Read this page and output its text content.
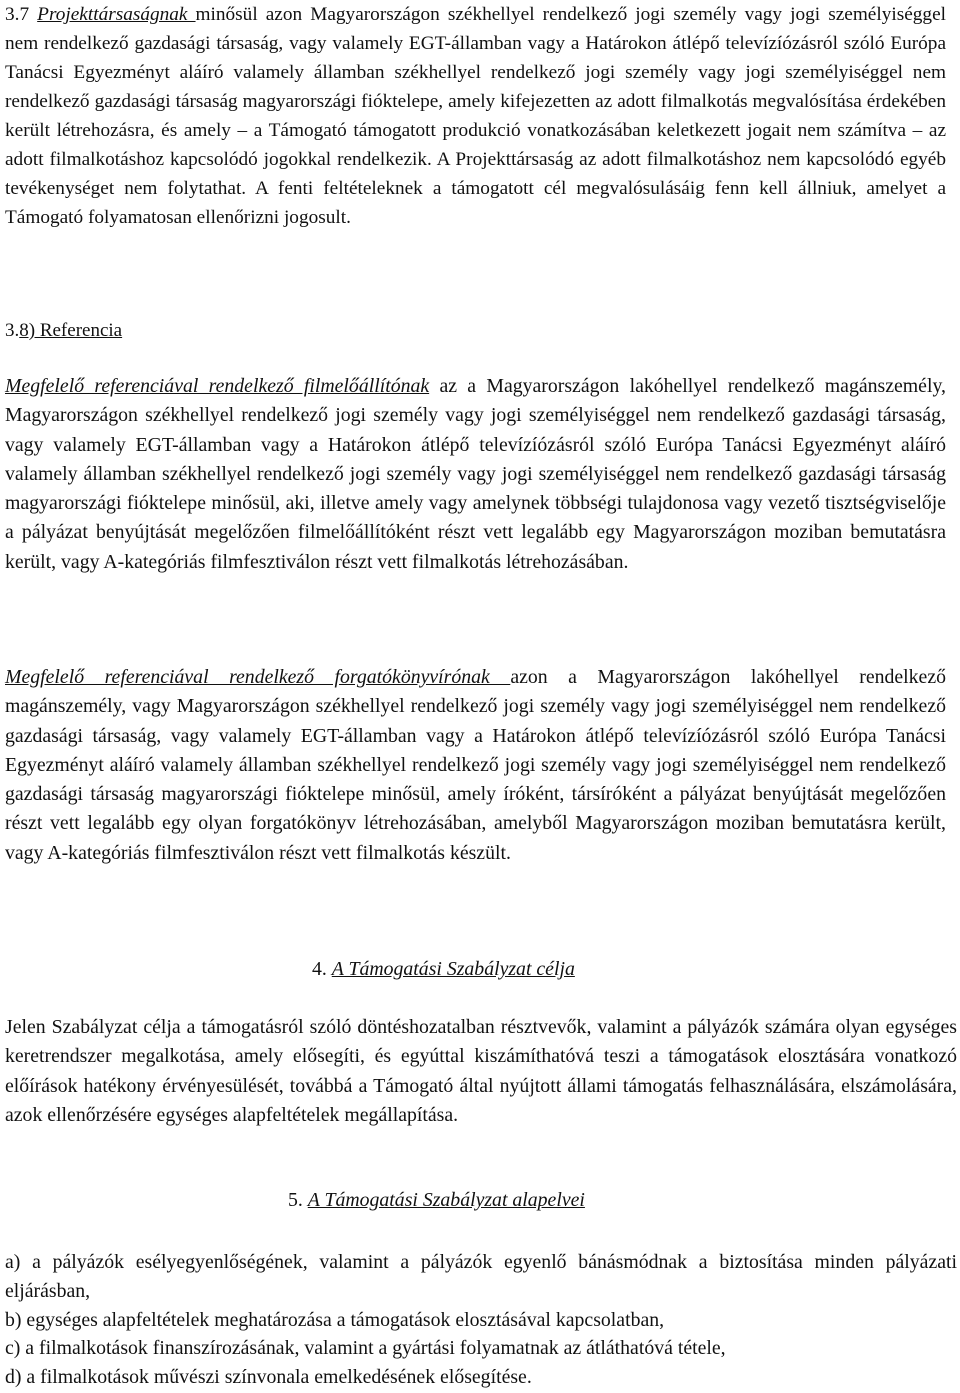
3.7 Projekttársaságnak minősül azon Magyarországon székhellyel rendelkező jogi személy vagy jogi személyiséggel nem rendelkező gazdasági társaság, vagy valamely EGT-államban vagy a Határokon átlépő televízíózásról szóló Európa Tanácsi Egyezményt aláíró valamely államban székhellyel rendelkező jogi személy vagy jogi személyiséggel nem rendelkező gazdasági társaság magyarországi fióktelepe, amely kifejezetten az adott filmalkotás megvalósítása érdekében került létrehozásra, és amely – a Támogató támogatott produkció vonatkozásában keletkezett jogait nem számítva – az adott filmalkotáshoz kapcsolódó jogokkal rendelkezik. A Projekttársaság az adott filmalkotáshoz nem kapcsolódó egyéb tevékenységet nem folytathat. A fenti feltételeknek a támogatott cél megvalósulásáig fenn kell állniuk, amelyet a Támogató folyamatosan ellenőrizni jogosult.

3.8) Referencia

Megfelelő referenciával rendelkező filmelőállítónak az a Magyarországon lakóhellyel rendelkező magánszemély, Magyarországon székhellyel rendelkező jogi személy vagy jogi személyiséggel nem rendelkező gazdasági társaság, vagy valamely EGT-államban vagy a Határokon átlépő televízíózásról szóló Európa Tanácsi Egyezményt aláíró valamely államban székhellyel rendelkező jogi személy vagy jogi személyiséggel nem rendelkező gazdasági társaság magyarországi fióktelepe minősül, aki, illetve amely vagy amelynek többségi tulajdonosa vagy vezető tisztségviselője a pályázat benyújtását megelőzően filmelőállítóként részt vett legalább egy Magyarországon moziban bemutatásra került, vagy A-kategóriás filmfesztiválon részt vett filmalkotás létrehozásában.

Megfelelő referenciával rendelkező forgatókönyvírónak azon a Magyarországon lakóhellyel rendelkező magánszemély, vagy Magyarországon székhellyel rendelkező jogi személy vagy jogi személyiséggel nem rendelkező gazdasági társaság, vagy valamely EGT-államban vagy a Határokon átlépő televízíózásról szóló Európa Tanácsi Egyezményt aláíró valamely államban székhellyel rendelkező jogi személy vagy jogi személyiséggel nem rendelkező gazdasági társaság magyarországi fióktelepe minősül, amely íróként, társíróként a pályázat benyújtását megelőzően részt vett legalább egy olyan forgatókönyv létrehozásában, amelyből Magyarországon moziban bemutatásra került, vagy A-kategóriás filmfesztiválon részt vett filmalkotás készült.

4. A Támogatási Szabályzat célja

Jelen Szabályzat célja a támogatásról szóló döntéshozatalban résztvevők, valamint a pályázók számára olyan egységes keretrendszer megalkotása, amely elősegíti, és egyúttal kiszámíthatóvá teszi a támogatások elosztására vonatkozó előírások hatékony érvényesülését, továbbá a Támogató által nyújtott állami támogatás felhasználására, elszámolására, azok ellenőrzésére egységes alapfeltételek megállapítása.

5. A Támogatási Szabályzat alapelvei

a) a pályázók esélyegyenlőségének, valamint a pályázók egyenlő bánásmódnak a biztosítása minden pályázati eljárásban,

b) egységes alapfeltételek meghatározása a támogatások elosztásával kapcsolatban,

c) a filmalkotások finanszírozásának, valamint a gyártási folyamatnak az átláthatóvá tétele,

d) a filmalkotások művészi színvonala emelkedésének elősegítése.
